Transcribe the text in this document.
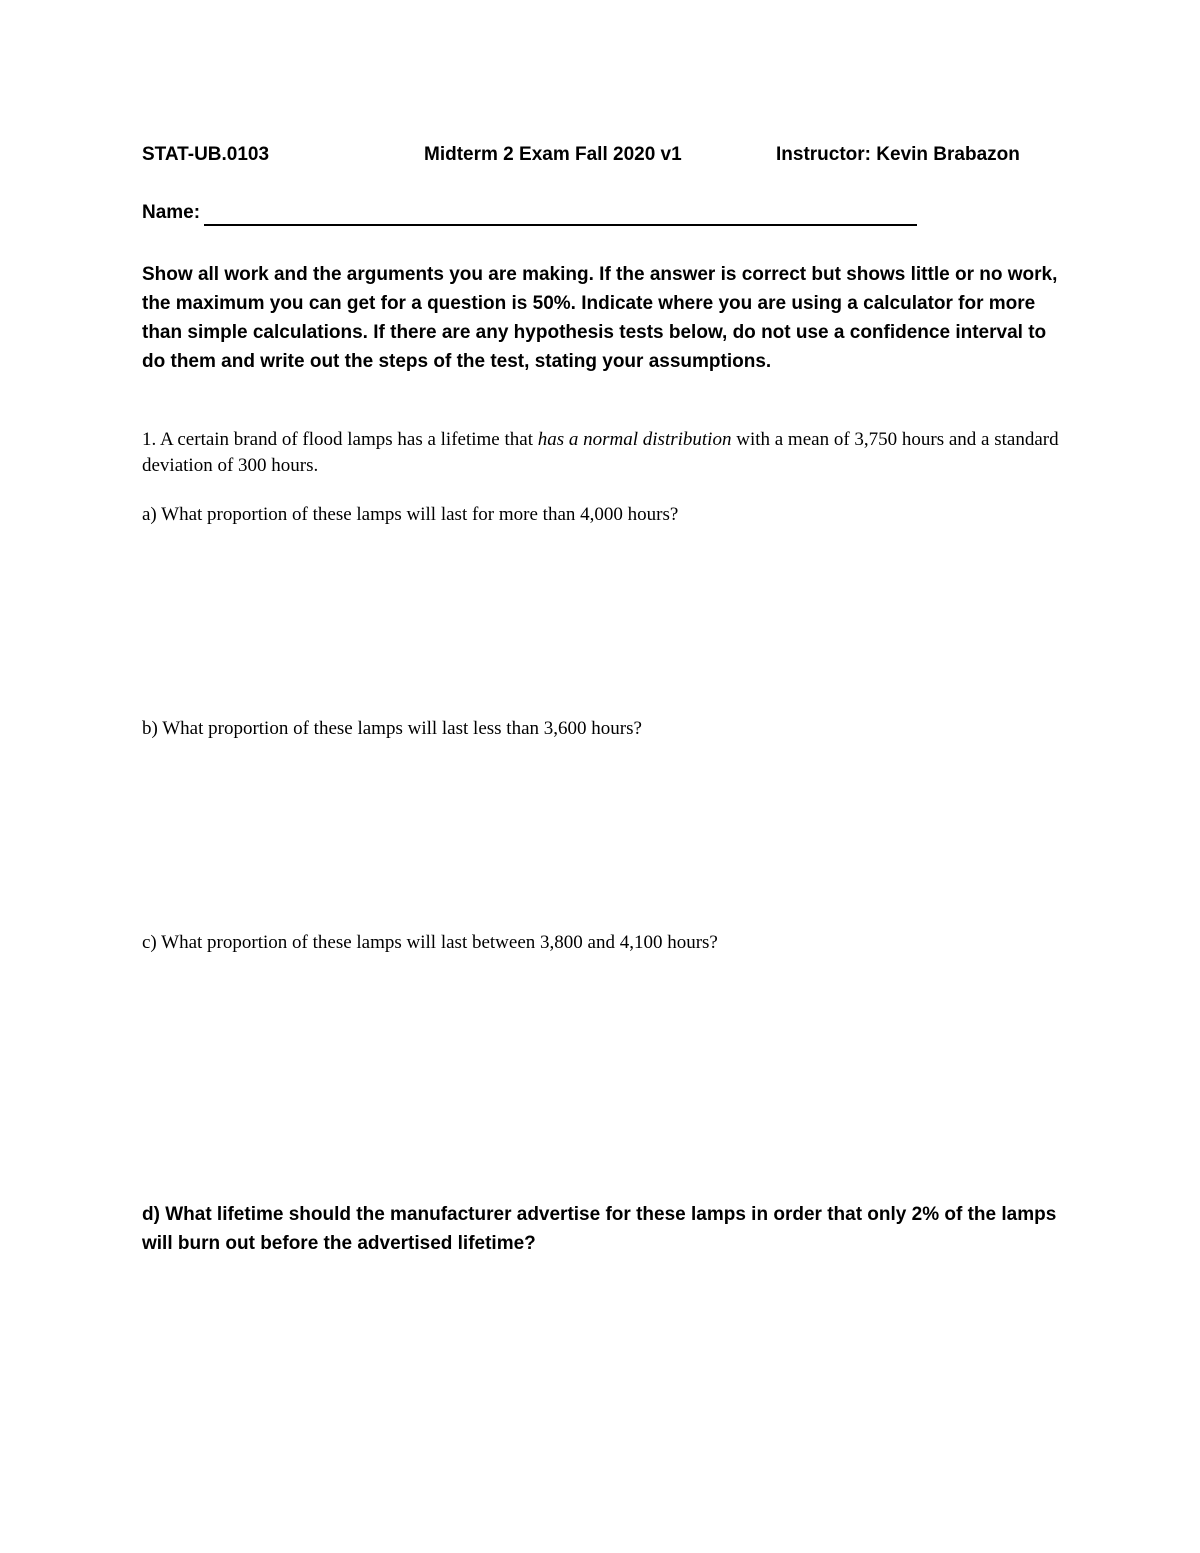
STAT-UB.0103	Midterm 2 Exam Fall 2020 v1	Instructor: Kevin Brabazon
Name:

Show all work and the arguments you are making. If the answer is correct but shows little or no work, the maximum you can get for a question is 50%. Indicate where you are using a calculator for more than simple calculations. If there are any hypothesis tests below, do not use a confidence interval to do them and write out the steps of the test, stating your assumptions.

1. A certain brand of flood lamps has a lifetime that has a normal distribution with a mean of 3,750 hours and a standard deviation of 300 hours.

a) What proportion of these lamps will last for more than 4,000 hours?

b) What proportion of these lamps will last less than 3,600 hours?

c) What proportion of these lamps will last between 3,800 and 4,100 hours?

d) What lifetime should the manufacturer advertise for these lamps in order that only 2% of the lamps will burn out before the advertised lifetime?
